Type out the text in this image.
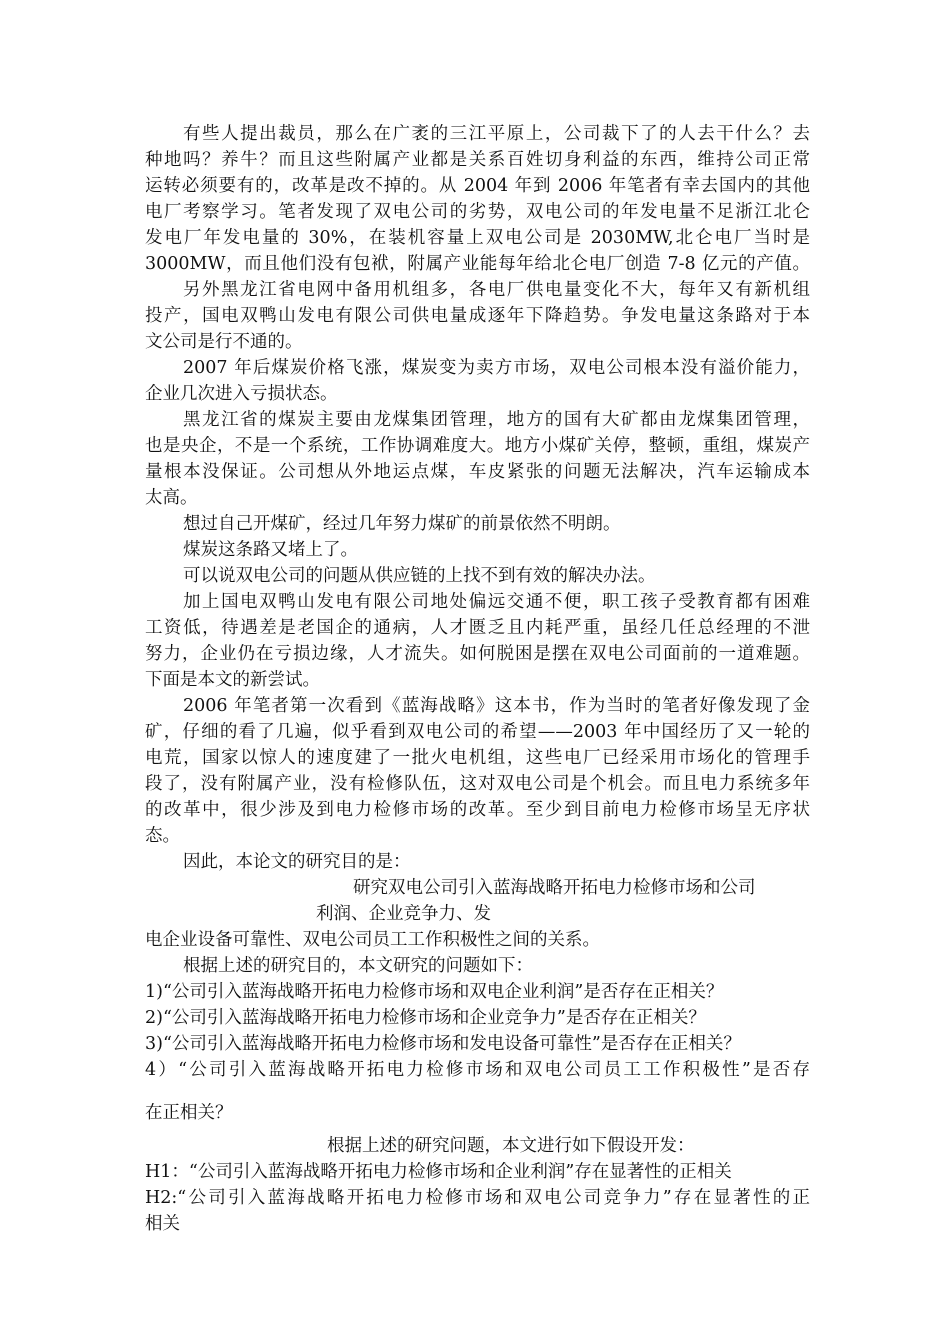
有些人提出裁员，那么在广袤的三江平原上，公司裁下了的人去干什么？去
种地吗？养牛？而且这些附属产业都是关系百姓切身利益的东西，维持公司正常
运转必须要有的，改革是改不掉的。从 2004 年到 2006 年笔者有幸去国内的其他
电厂考察学习。笔者发现了双电公司的劣势，双电公司的年发电量不足浙江北仑
发电厂年发电量的 30%，在装机容量上双电公司是 2030MW,北仑电厂当时是
3000MW，而且他们没有包袱，附属产业能每年给北仑电厂创造 7-8 亿元的产值。
另外黑龙江省电网中备用机组多，各电厂供电量变化不大，每年又有新机组
投产，国电双鸭山发电有限公司供电量成逐年下降趋势。争发电量这条路对于本
文公司是行不通的。
2007 年后煤炭价格飞涨，煤炭变为卖方市场，双电公司根本没有溢价能力，
企业几次进入亏损状态。
黑龙江省的煤炭主要由龙煤集团管理，地方的国有大矿都由龙煤集团管理，
也是央企，不是一个系统，工作协调难度大。地方小煤矿关停，整顿，重组，煤炭产
量根本没保证。公司想从外地运点煤，车皮紧张的问题无法解决，汽车运输成本
太高。
想过自己开煤矿，经过几年努力煤矿的前景依然不明朗。
煤炭这条路又堵上了。
可以说双电公司的问题从供应链的上找不到有效的解决办法。
加上国电双鸭山发电有限公司地处偏远交通不便，职工孩子受教育都有困难
工资低，待遇差是老国企的通病，人才匮乏且内耗严重，虽经几任总经理的不泄
努力，企业仍在亏损边缘，人才流失。如何脱困是摆在双电公司面前的一道难题。
下面是本文的新尝试。
2006 年笔者第一次看到《蓝海战略》这本书，作为当时的笔者好像发现了金
矿，仔细的看了几遍，似乎看到双电公司的希望——2003 年中国经历了又一轮的
电荒，国家以惊人的速度建了一批火电机组，这些电厂已经采用市场化的管理手
段了，没有附属产业，没有检修队伍，这对双电公司是个机会。而且电力系统多年
的改革中，很少涉及到电力检修市场的改革。至少到目前电力检修市场呈无序状
态。
因此，本论文的研究目的是：
研究双电公司引入蓝海战略开拓电力检修市场和公司
利润、企业竞争力、发
电企业设备可靠性、双电公司员工工作积极性之间的关系。
根据上述的研究目的，本文研究的问题如下：
1)“公司引入蓝海战略开拓电力检修市场和双电企业利润”是否存在正相关？
2)“公司引入蓝海战略开拓电力检修市场和企业竞争力”是否存在正相关？
3)“公司引入蓝海战略开拓电力检修市场和发电设备可靠性”是否存在正相关？
4）“公司引入蓝海战略开拓电力检修市场和双电公司员工工作积极性”是否存
在正相关？
根据上述的研究问题，本文进行如下假设开发：
H1：“公司引入蓝海战略开拓电力检修市场和企业利润”存在显著性的正相关
H2:“公司引入蓝海战略开拓电力检修市场和双电公司竞争力”存在显著性的正
相关
